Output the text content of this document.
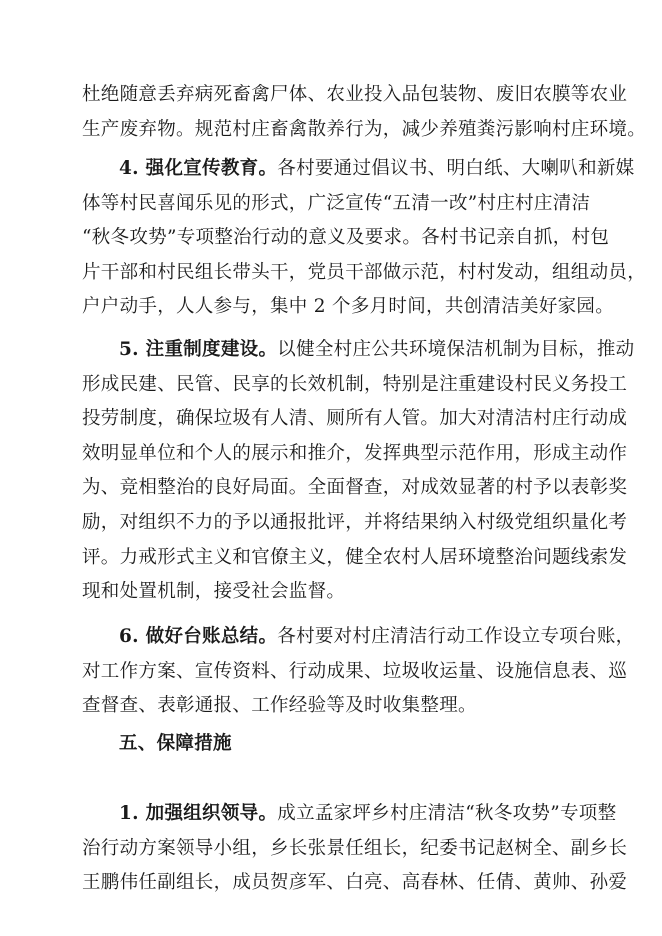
杜绝随意丢弃病死畜禽尸体、农业投入品包装物、废旧农膜等农业
生产废弃物。规范村庄畜禽散养行为，减少养殖粪污影响村庄环境。
4. 强化宣传教育。各村要通过倡议书、明白纸、大喇叭和新媒
体等村民喜闻乐见的形式，广泛宣传“五清一改”村庄村庄清洁
“秋冬攻势”专项整治行动的意义及要求。各村书记亲自抓，村包
片干部和村民组长带头干，党员干部做示范，村村发动，组组动员，
户户动手，人人参与，集中 2 个多月时间，共创清洁美好家园。
5. 注重制度建设。以健全村庄公共环境保洁机制为目标，推动
形成民建、民管、民享的长效机制，特别是注重建设村民义务投工
投劳制度，确保垃圾有人清、厕所有人管。加大对清洁村庄行动成
效明显单位和个人的展示和推介，发挥典型示范作用，形成主动作
为、竞相整治的良好局面。全面督查，对成效显著的村予以表彰奖
励，对组织不力的予以通报批评，并将结果纳入村级党组织量化考
评。力戒形式主义和官僚主义，健全农村人居环境整治问题线索发
现和处置机制，接受社会监督。
6. 做好台账总结。各村要对村庄清洁行动工作设立专项台账，
对工作方案、宣传资料、行动成果、垃圾收运量、设施信息表、巡
查督查、表彰通报、工作经验等及时收集整理。
五、保障措施
1. 加强组织领导。成立孟家坪乡村庄清洁“秋冬攻势”专项整
治行动方案领导小组，乡长张景任组长，纪委书记赵树全、副乡长
王鹏伟任副组长，成员贺彦军、白亮、高春林、任倩、黄帅、孙爱
